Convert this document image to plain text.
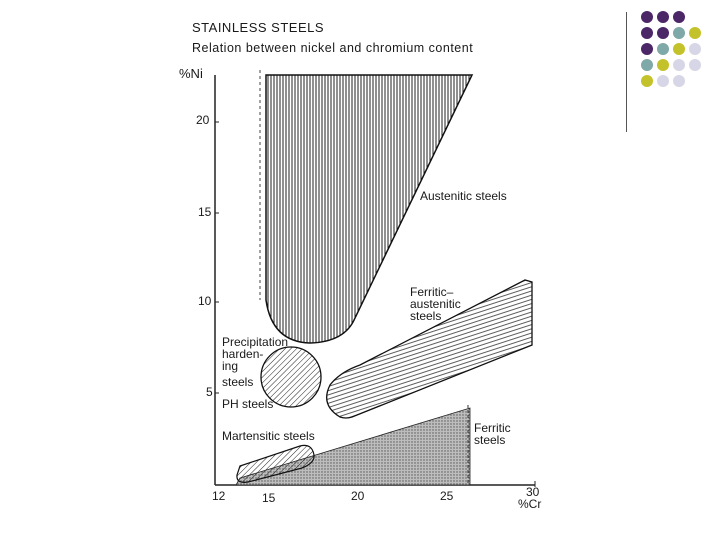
STAINLESS STEELS
Relation between nickel and chromium content
%Ni
%Cr
20
15
10
5
12	15	20	25	30
Austenitic steels
Ferritic–
austenitic
steels
Precipitation
harden-
ing
steels
PH steels
Martensitic steels
Ferritic
steels
